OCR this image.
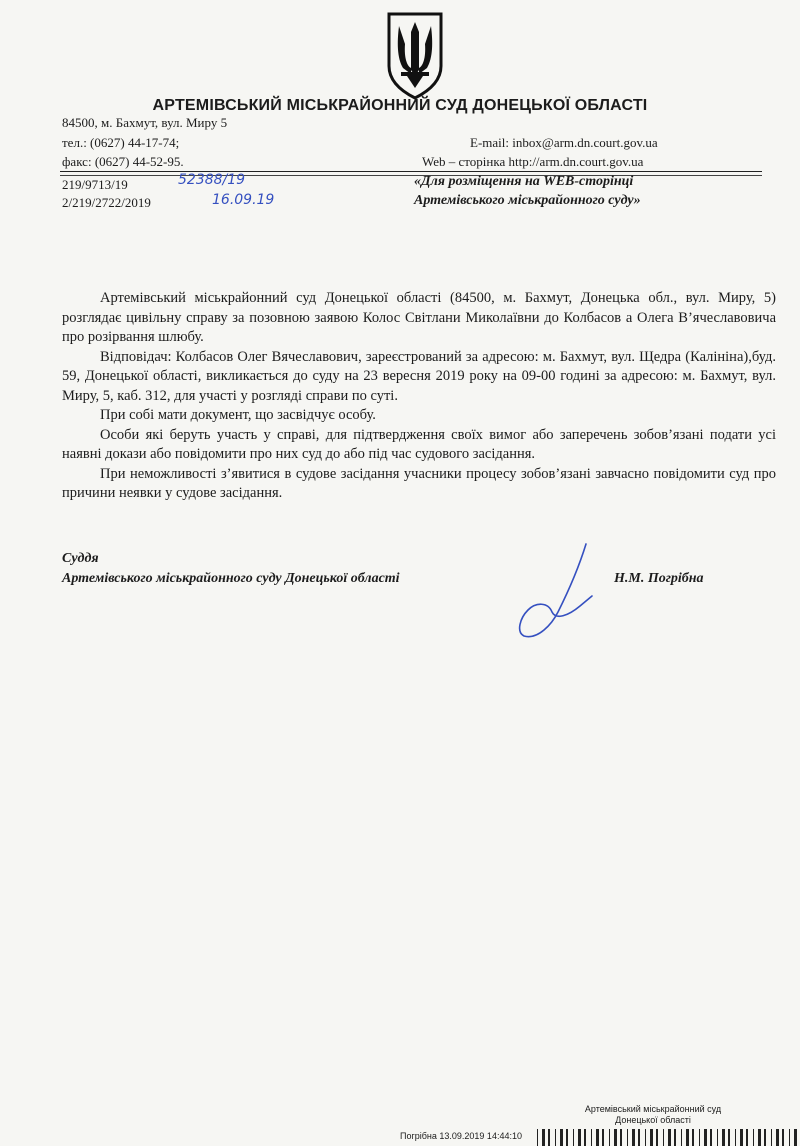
АРТЕМІВСЬКИЙ МІСЬКРАЙОННИЙ СУД ДОНЕЦЬКОЇ ОБЛАСТІ
84500, м. Бахмут, вул. Миру 5
тел.: (0627) 44-17-74;
факс: (0627) 44-52-95.
E-mail: inbox@arm.dn.court.gov.ua
Web – сторінка http://arm.dn.court.gov.ua
219/9713/19
2/219/2722/2019
52388/19
16.09.19
«Для розміщення на WEB-сторінці
Артемівського міськрайонного суду»

Артемівський міськрайонний суд Донецької області (84500, м. Бахмут, Донецька обл., вул. Миру, 5) розглядає цивільну справу за позовною заявою Колос Світлани Миколаївни до Колбасов а Олега В’ячеславовича про розірвання шлюбу.

Відповідач: Колбасов Олег Вячеславович, зареєстрований за адресою: м. Бахмут, вул. Щедра (Калініна),буд. 59, Донецької області, викликається до суду на 23 вересня 2019 року на 09-00 годині за адресою: м. Бахмут, вул. Миру, 5, каб. 312, для участі у розгляді справи по суті.

При собі мати документ, що засвідчує особу.

Особи які беруть участь у справі, для підтвердження своїх вимог або заперечень зобов’язані подати усі наявні докази або повідомити про них суд до або під час судового засідання.

При неможливості з’явитися в судове засідання учасники процесу зобов’язані завчасно повідомити суд про причини неявки у судове засідання.

Суддя
Артемівського міськрайонного суду Донецької області	Н.М. Погрібна
Артемівський міськрайонний суд
Донецької області
Погрібна 13.09.2019 14:44:10
